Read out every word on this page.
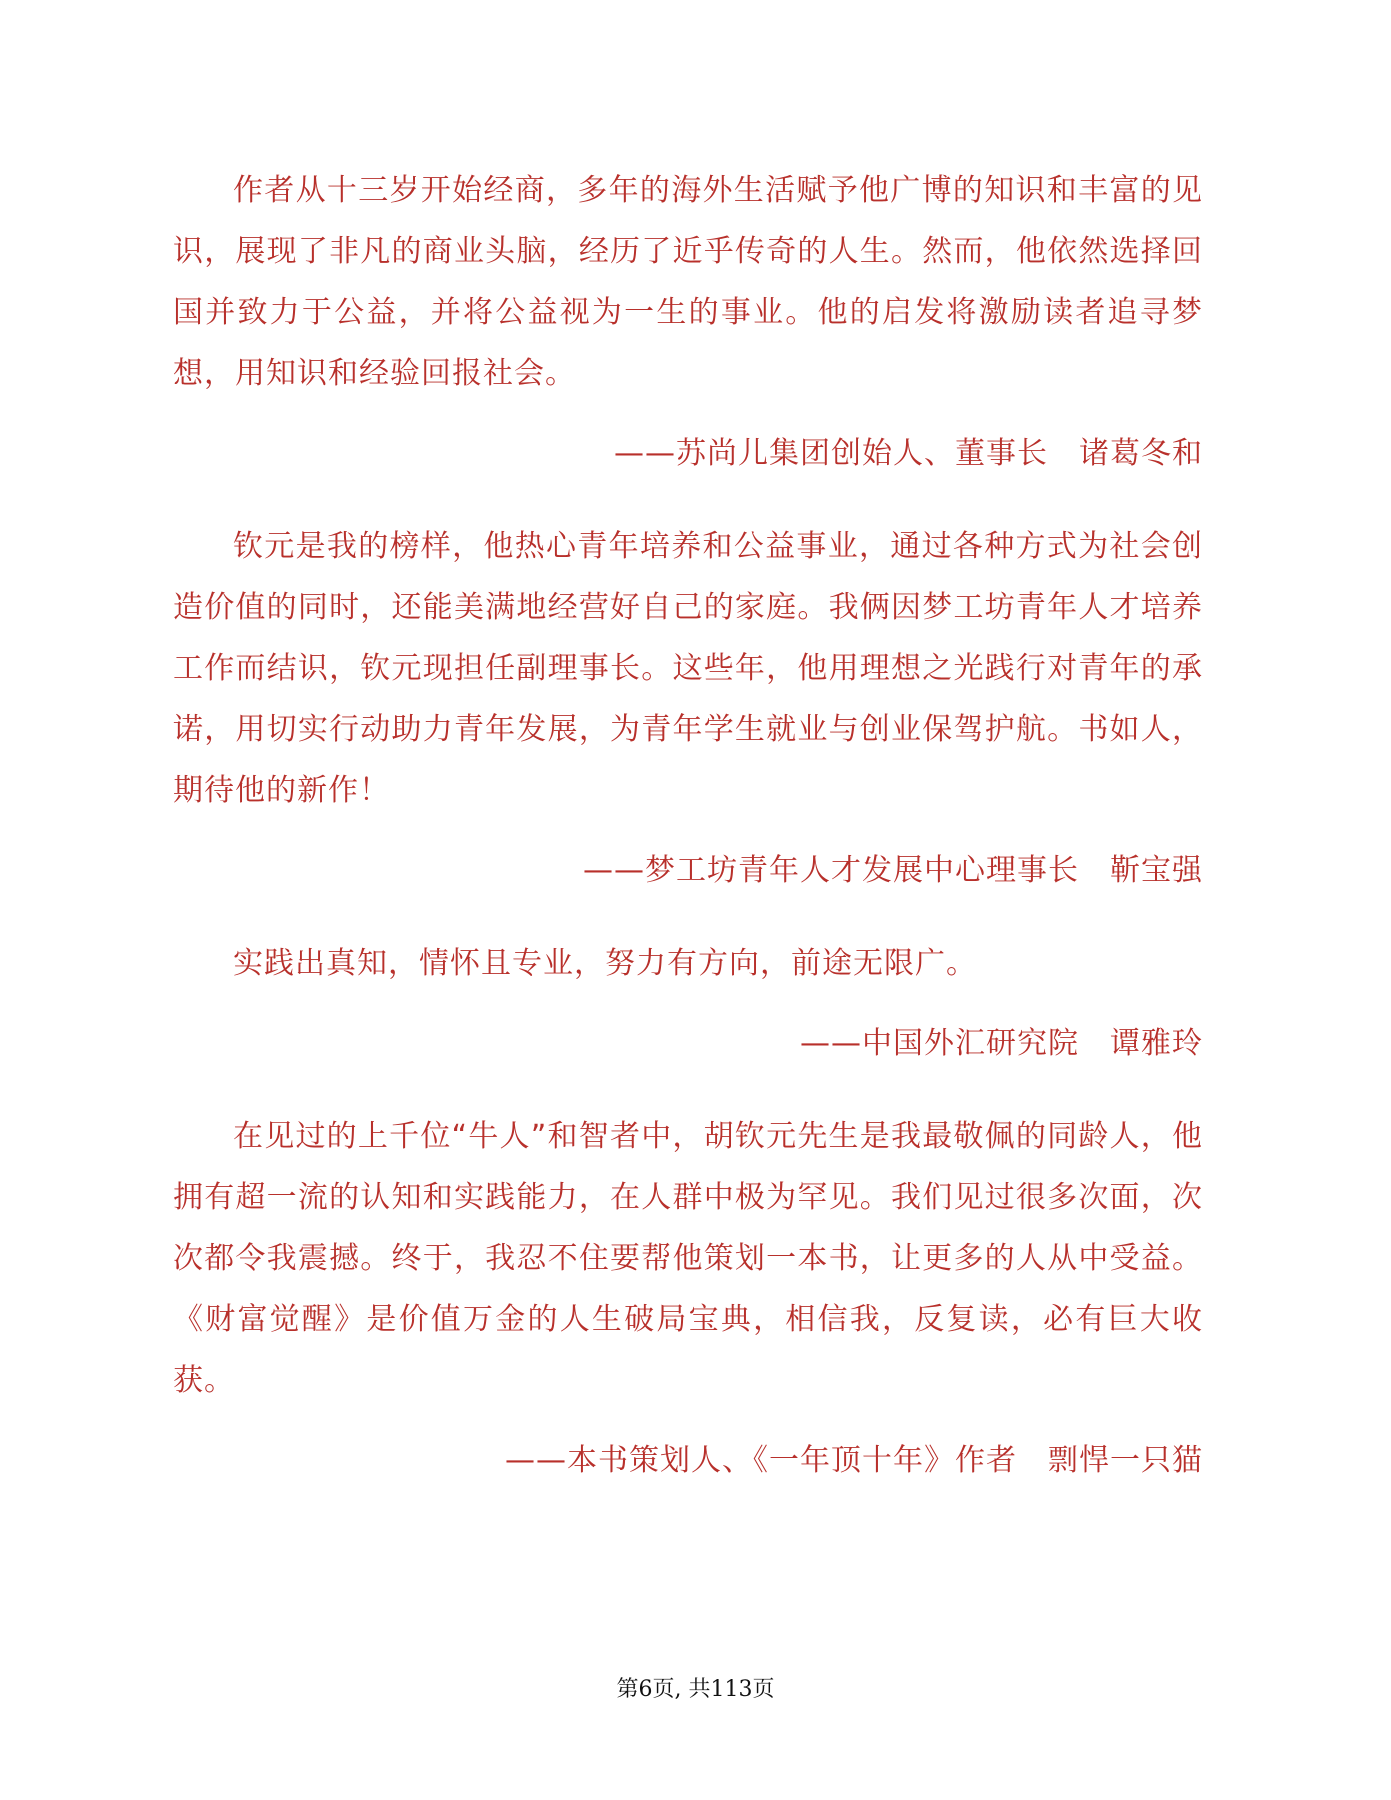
作者从十三岁开始经商，多年的海外生活赋予他广博的知识和丰富的见识，展现了非凡的商业头脑，经历了近乎传奇的人生。然而，他依然选择回国并致力于公益，并将公益视为一生的事业。他的启发将激励读者追寻梦想，用知识和经验回报社会。

——苏尚儿集团创始人、董事长　诸葛冬和

钦元是我的榜样，他热心青年培养和公益事业，通过各种方式为社会创造价值的同时，还能美满地经营好自己的家庭。我俩因梦工坊青年人才培养工作而结识，钦元现担任副理事长。这些年，他用理想之光践行对青年的承诺，用切实行动助力青年发展，为青年学生就业与创业保驾护航。书如人，期待他的新作！

——梦工坊青年人才发展中心理事长　靳宝强

实践出真知，情怀且专业，努力有方向，前途无限广。

——中国外汇研究院　谭雅玲

在见过的上千位“牛人”和智者中，胡钦元先生是我最敬佩的同龄人，他拥有超一流的认知和实践能力，在人群中极为罕见。我们见过很多次面，次次都令我震撼。终于，我忍不住要帮他策划一本书，让更多的人从中受益。《财富觉醒》是价值万金的人生破局宝典，相信我，反复读，必有巨大收获。

——本书策划人、《一年顶十年》作者　剽悍一只猫

第6页, 共113页
